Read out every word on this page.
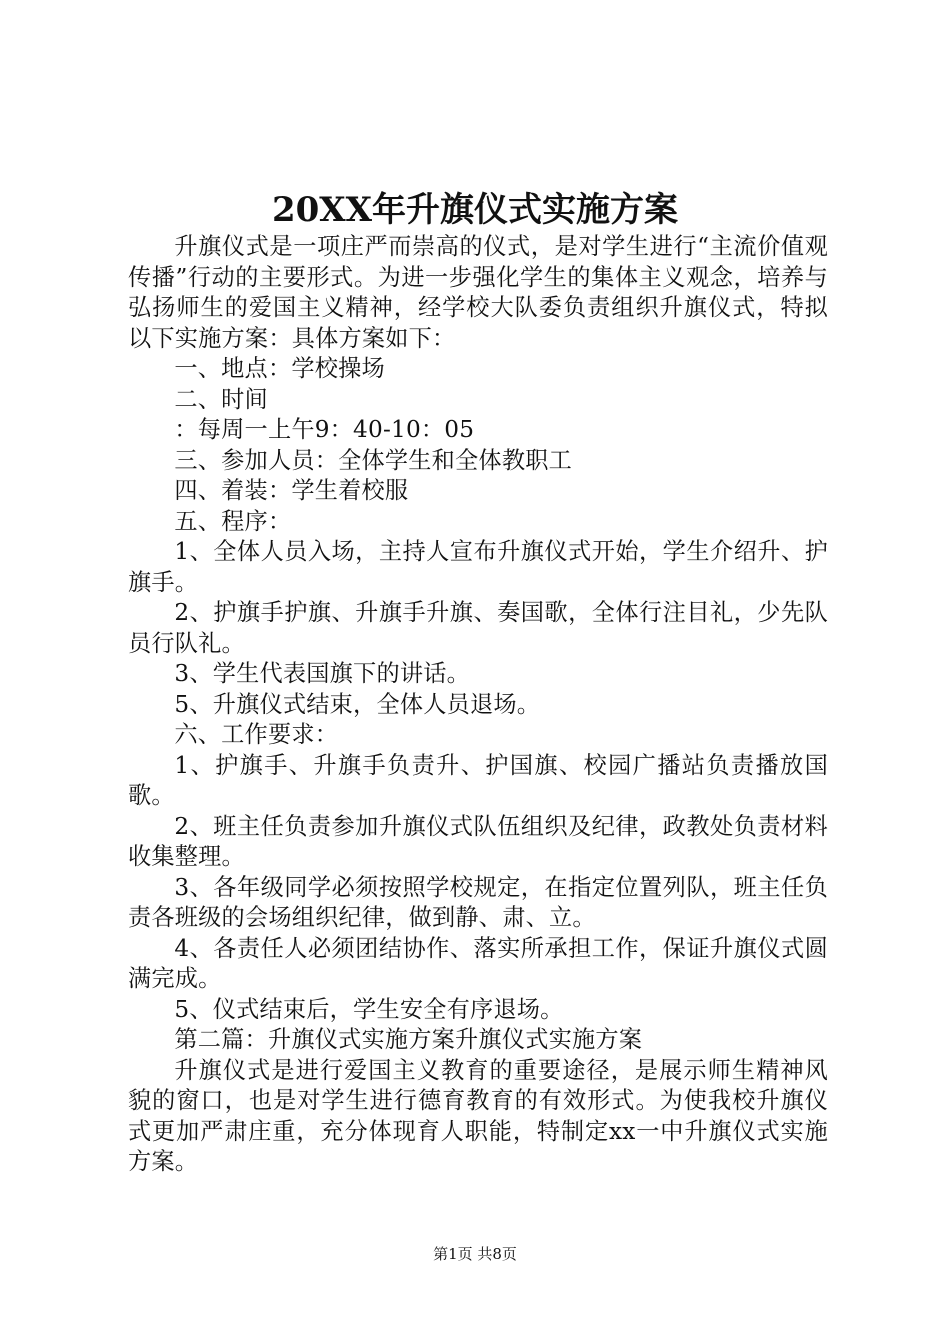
20XX年升旗仪式实施方案

升旗仪式是一项庄严而崇高的仪式，是对学生进行“主流价值观传播”行动的主要形式。为进一步强化学生的集体主义观念，培养与弘扬师生的爱国主义精神，经学校大队委负责组织升旗仪式，特拟以下实施方案：具体方案如下：

一、地点：学校操场

二、时间

：每周一上午9：40-10：05

三、参加人员：全体学生和全体教职工

四、着装：学生着校服

五、程序：

1、全体人员入场，主持人宣布升旗仪式开始，学生介绍升、护旗手。

2、护旗手护旗、升旗手升旗、奏国歌，全体行注目礼，少先队员行队礼。

3、学生代表国旗下的讲话。

5、升旗仪式结束，全体人员退场。

六、工作要求：

1、护旗手、升旗手负责升、护国旗、校园广播站负责播放国歌。

2、班主任负责参加升旗仪式队伍组织及纪律，政教处负责材料收集整理。

3、各年级同学必须按照学校规定，在指定位置列队，班主任负责各班级的会场组织纪律，做到静、肃、立。

4、各责任人必须团结协作、落实所承担工作，保证升旗仪式圆满完成。

5、仪式结束后，学生安全有序退场。

第二篇：升旗仪式实施方案升旗仪式实施方案

升旗仪式是进行爱国主义教育的重要途径，是展示师生精神风貌的窗口，也是对学生进行德育教育的有效形式。为使我校升旗仪式更加严肃庄重，充分体现育人职能，特制定xx一中升旗仪式实施方案。

第1页 共8页
